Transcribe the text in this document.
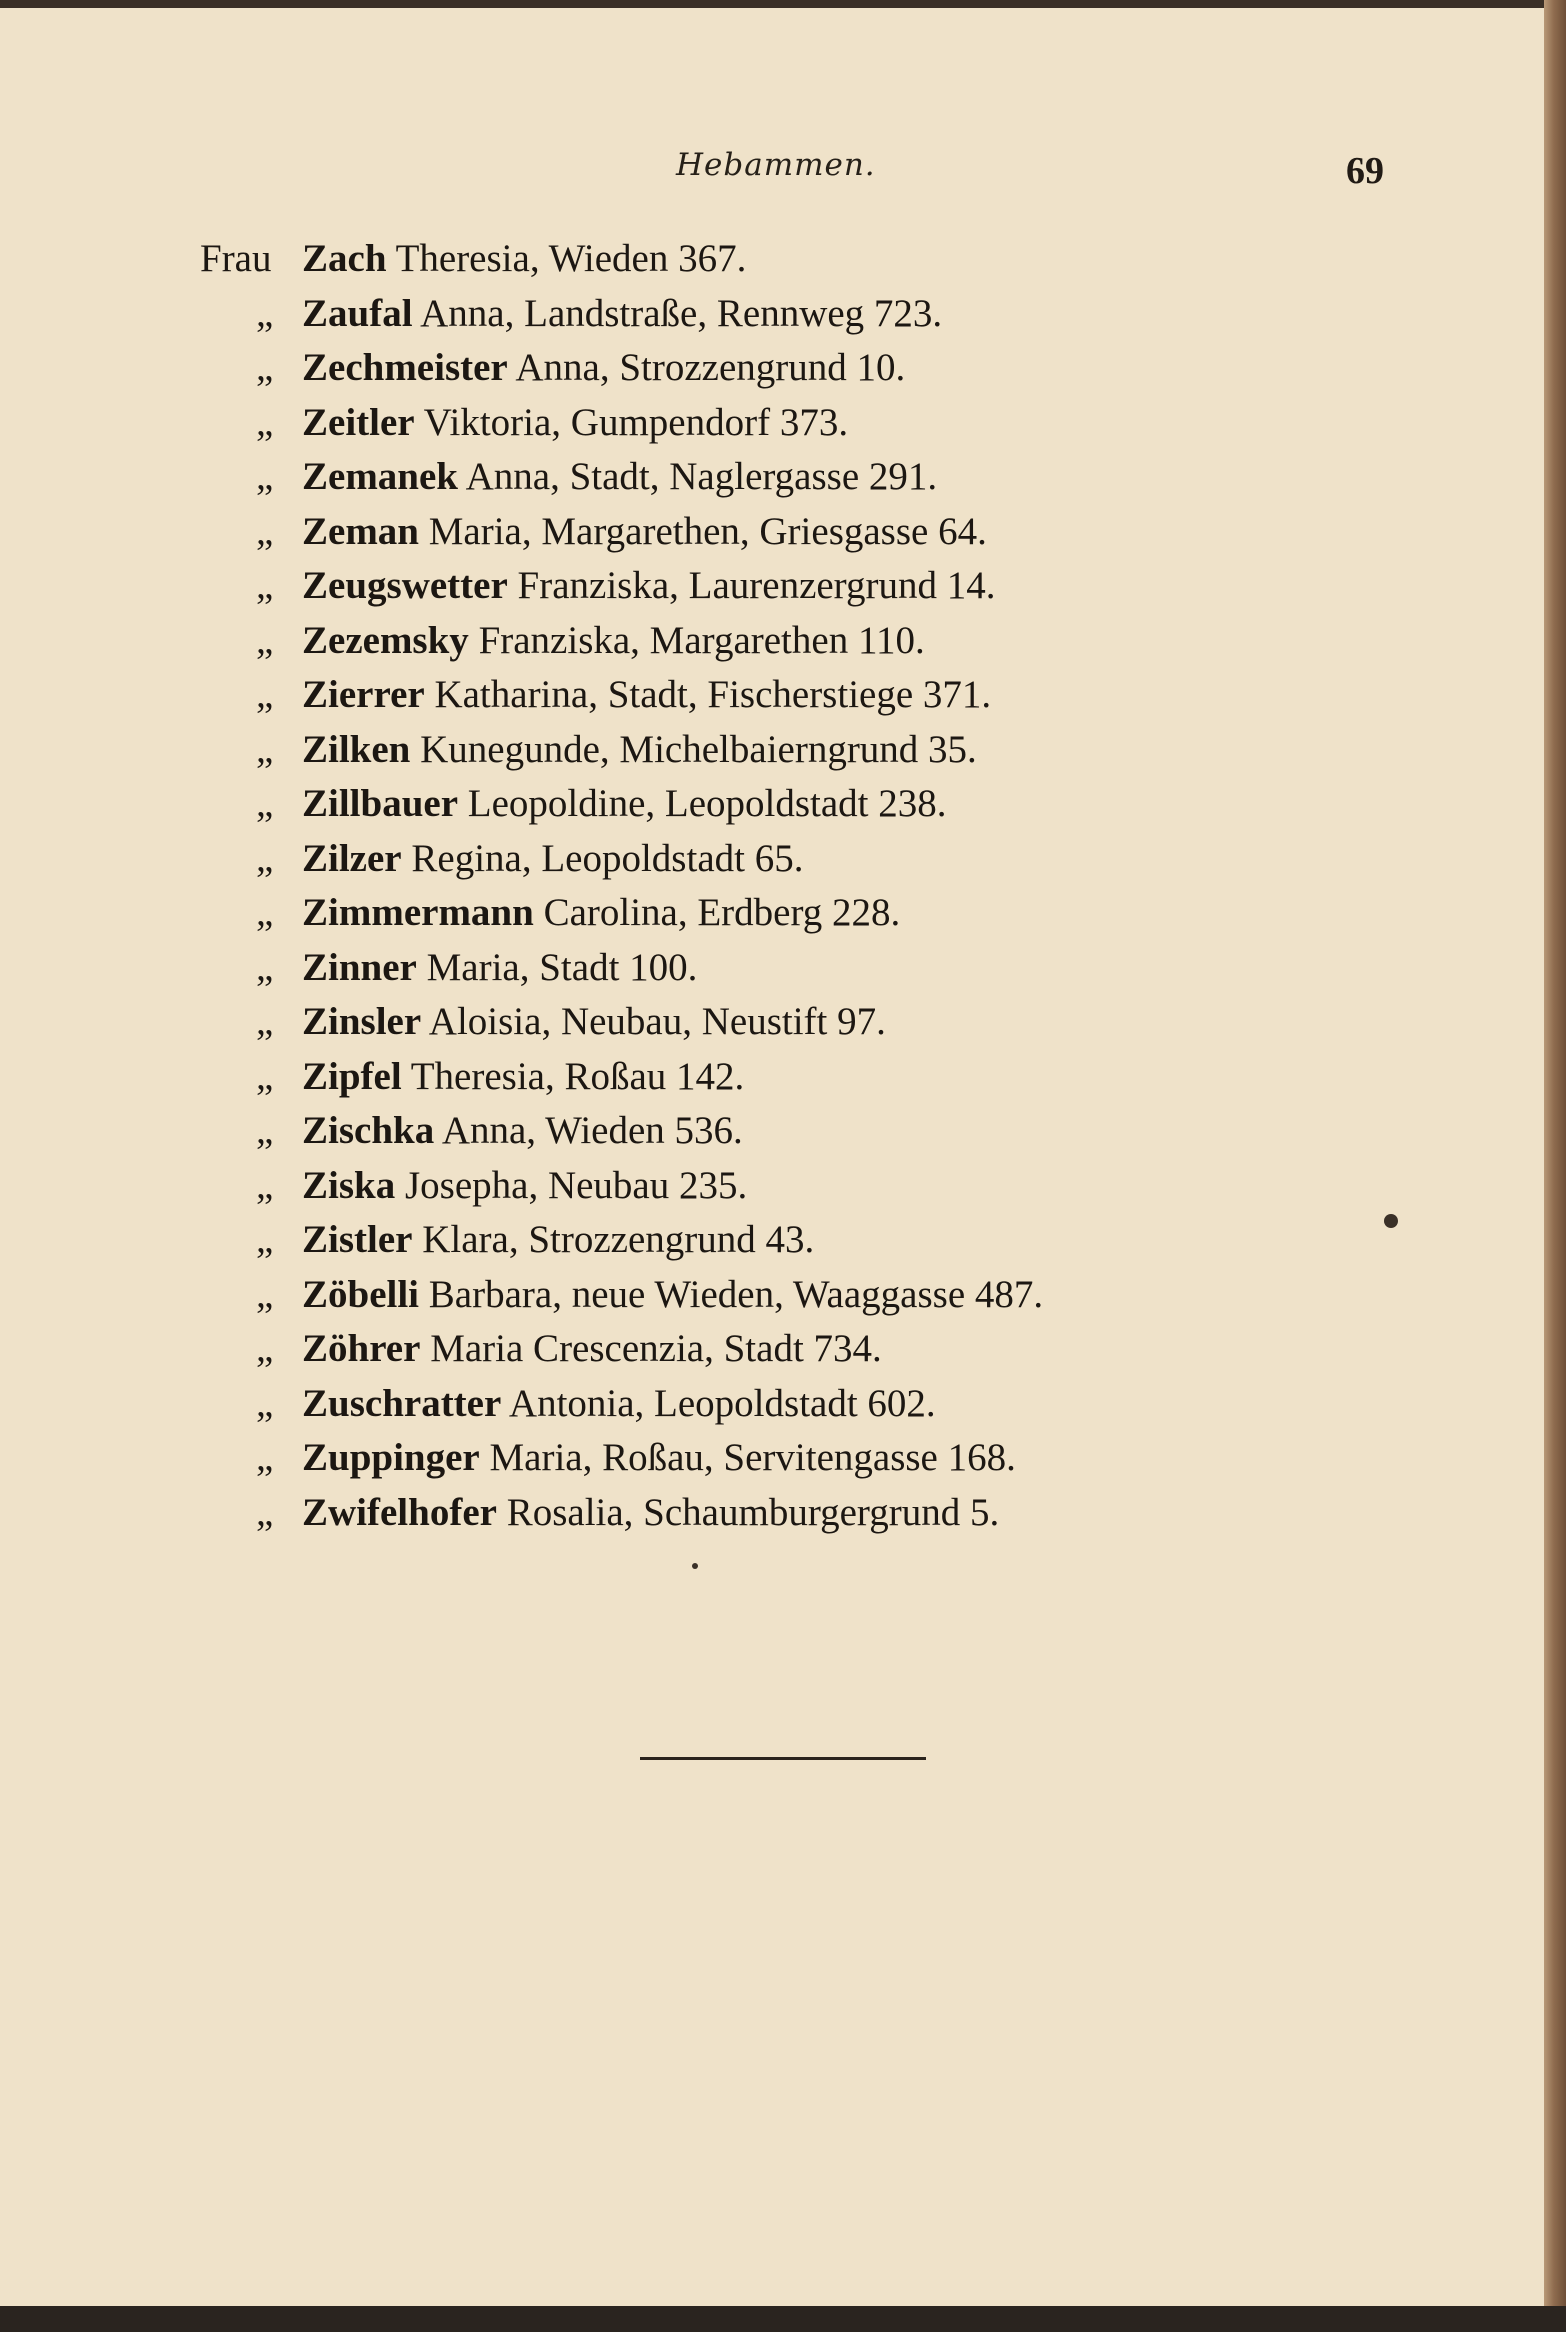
Hebammen.	69
Frau Zach Theresia, Wieden 367.
„ Zaufal Anna, Landstraße, Rennweg 723.
„ Zechmeister Anna, Strozzengrund 10.
„ Zeitler Viktoria, Gumpendorf 373.
„ Zemanek Anna, Stadt, Naglergasse 291.
„ Zeman Maria, Margarethen, Griesgasse 64.
„ Zeugswetter Franziska, Laurenzergrund 14.
„ Zezemsky Franziska, Margarethen 110.
„ Zierrer Katharina, Stadt, Fischerstiege 371.
„ Zilken Kunegunde, Michelbaierngrund 35.
„ Zillbauer Leopoldine, Leopoldstadt 238.
„ Zilzer Regina, Leopoldstadt 65.
„ Zimmermann Carolina, Erdberg 228.
„ Zinner Maria, Stadt 100.
„ Zinsler Aloisia, Neubau, Neustift 97.
„ Zipfel Theresia, Roßau 142.
„ Zischka Anna, Wieden 536.
„ Ziska Josepha, Neubau 235.
„ Zistler Klara, Strozzengrund 43.
„ Zöbelli Barbara, neue Wieden, Waaggasse 487.
„ Zöhrer Maria Crescenzia, Stadt 734.
„ Zuschratter Antonia, Leopoldstadt 602.
„ Zuppinger Maria, Roßau, Servitengasse 168.
„ Zwifelhofer Rosalia, Schaumburgergrund 5.
